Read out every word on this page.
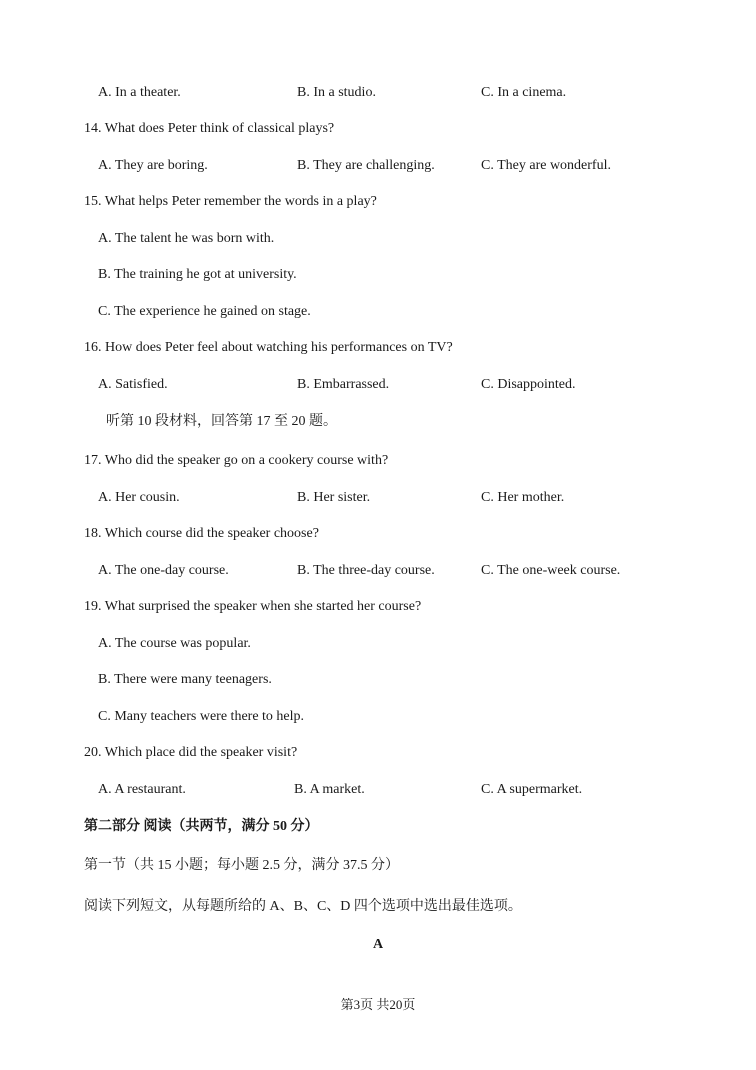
A. In a theater.	B. In a studio.	C. In a cinema.
14. What does Peter think of classical plays?
A. They are boring.	B. They are challenging.	C. They are wonderful.
15. What helps Peter remember the words in a play?
A. The talent he was born with.
B. The training he got at university.
C. The experience he gained on stage.
16. How does Peter feel about watching his performances on TV?
A. Satisfied.	B. Embarrassed.	C. Disappointed.
听第 10 段材料，回答第 17 至 20 题。
17. Who did the speaker go on a cookery course with?
A. Her cousin.	B. Her sister.	C. Her mother.
18. Which course did the speaker choose?
A. The one-day course.	B. The three-day course.	C. The one-week course.
19. What surprised the speaker when she started her course?
A. The course was popular.
B. There were many teenagers.
C. Many teachers were there to help.
20. Which place did the speaker visit?
A. A restaurant.	B. A market.	C. A supermarket.
第二部分 阅读（共两节，满分 50 分）
第一节（共 15 小题；每小题 2.5 分，满分 37.5 分）
阅读下列短文，从每题所给的 A、B、C、D 四个选项中选出最佳选项。
A
第3页 共20页
